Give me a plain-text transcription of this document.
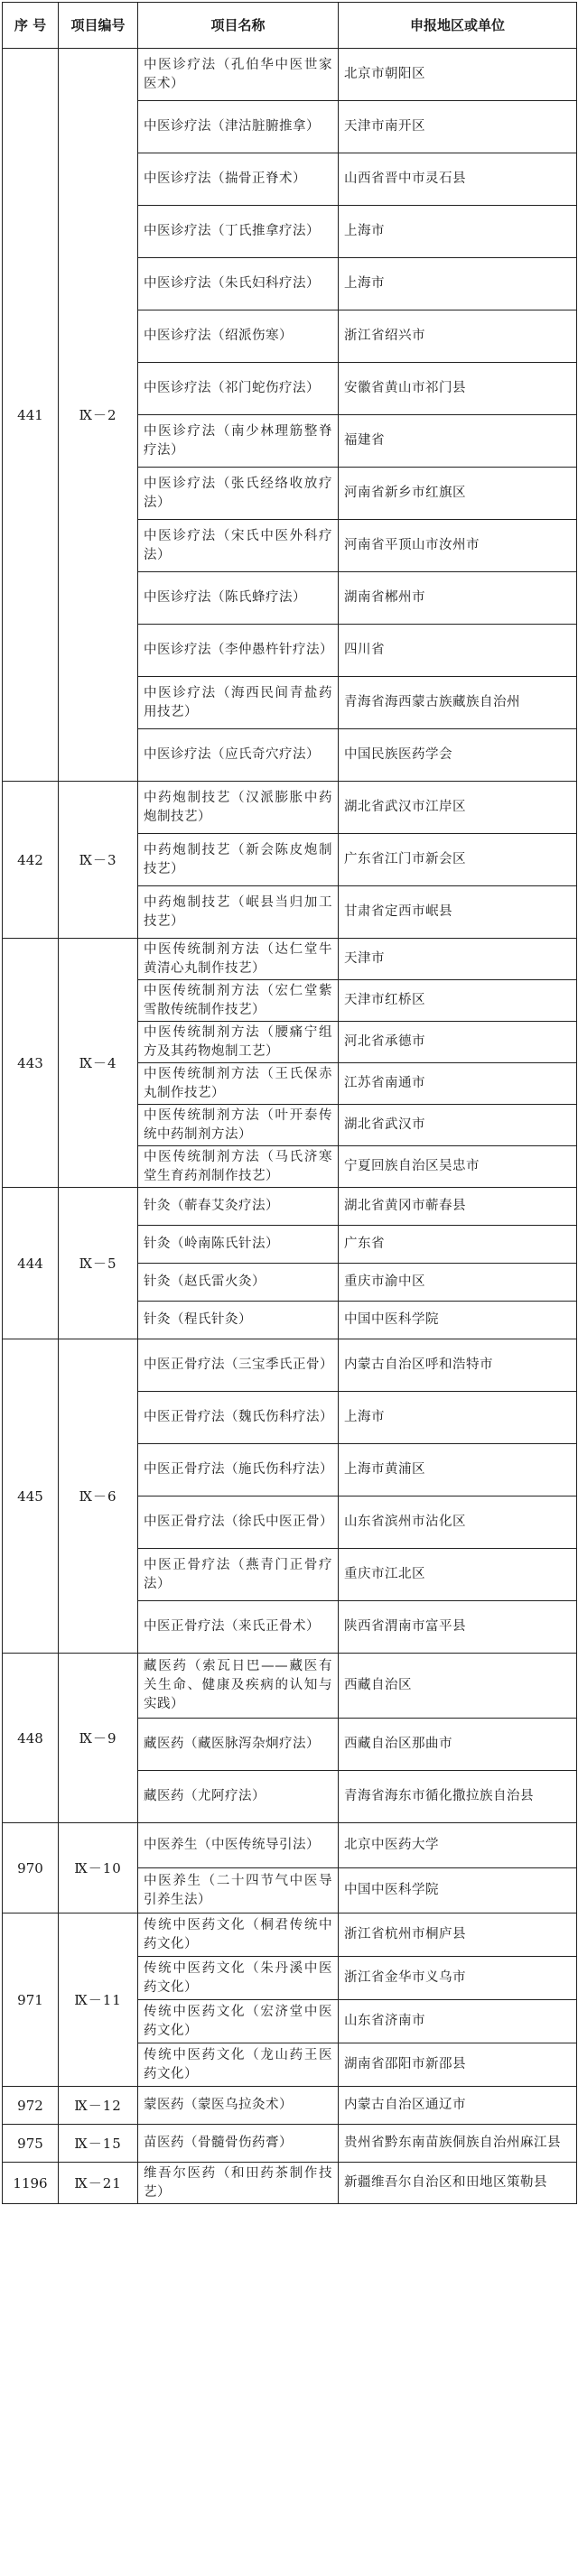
序 号	项目编号	项目名称	申报地区或单位
441	Ⅸ－2	中医诊疗法（孔伯华中医世家医术）	北京市朝阳区
		中医诊疗法（津沽脏腑推拿）	天津市南开区
		中医诊疗法（揣骨正脊术）	山西省晋中市灵石县
		中医诊疗法（丁氏推拿疗法）	上海市
		中医诊疗法（朱氏妇科疗法）	上海市
		中医诊疗法（绍派伤寒）	浙江省绍兴市
		中医诊疗法（祁门蛇伤疗法）	安徽省黄山市祁门县
		中医诊疗法（南少林理筋整脊疗法）	福建省
		中医诊疗法（张氏经络收放疗法）	河南省新乡市红旗区
		中医诊疗法（宋氏中医外科疗法）	河南省平顶山市汝州市
		中医诊疗法（陈氏蜂疗法）	湖南省郴州市
		中医诊疗法（李仲愚杵针疗法）	四川省
		中医诊疗法（海西民间青盐药用技艺）	青海省海西蒙古族藏族自治州
		中医诊疗法（应氏奇穴疗法）	中国民族医药学会
442	Ⅸ－3	中药炮制技艺（汉派膨胀中药炮制技艺）	湖北省武汉市江岸区
		中药炮制技艺（新会陈皮炮制技艺）	广东省江门市新会区
		中药炮制技艺（岷县当归加工技艺）	甘肃省定西市岷县
443	Ⅸ－4	中医传统制剂方法（达仁堂牛黄清心丸制作技艺）	天津市
		中医传统制剂方法（宏仁堂紫雪散传统制作技艺）	天津市红桥区
		中医传统制剂方法（腰痛宁组方及其药物炮制工艺）	河北省承德市
		中医传统制剂方法（王氏保赤丸制作技艺）	江苏省南通市
		中医传统制剂方法（叶开泰传统中药制剂方法）	湖北省武汉市
		中医传统制剂方法（马氏济寒堂生育药剂制作技艺）	宁夏回族自治区吴忠市
444	Ⅸ－5	针灸（蕲春艾灸疗法）	湖北省黄冈市蕲春县
		针灸（岭南陈氏针法）	广东省
		针灸（赵氏雷火灸）	重庆市渝中区
		针灸（程氏针灸）	中国中医科学院
445	Ⅸ－6	中医正骨疗法（三宝季氏正骨）	内蒙古自治区呼和浩特市
		中医正骨疗法（魏氏伤科疗法）	上海市
		中医正骨疗法（施氏伤科疗法）	上海市黄浦区
		中医正骨疗法（徐氏中医正骨）	山东省滨州市沾化区
		中医正骨疗法（燕青门正骨疗法）	重庆市江北区
		中医正骨疗法（来氏正骨术）	陕西省渭南市富平县
448	Ⅸ－9	藏医药（索瓦日巴——藏医有关生命、健康及疾病的认知与实践）	西藏自治区
		藏医药（藏医脉泻杂炯疗法）	西藏自治区那曲市
		藏医药（尤阿疗法）	青海省海东市循化撒拉族自治县
970	Ⅸ－10	中医养生（中医传统导引法）	北京中医药大学
		中医养生（二十四节气中医导引养生法）	中国中医科学院
971	Ⅸ－11	传统中医药文化（桐君传统中药文化）	浙江省杭州市桐庐县
		传统中医药文化（朱丹溪中医药文化）	浙江省金华市义乌市
		传统中医药文化（宏济堂中医药文化）	山东省济南市
		传统中医药文化（龙山药王医药文化）	湖南省邵阳市新邵县
972	Ⅸ－12	蒙医药（蒙医乌拉灸术）	内蒙古自治区通辽市
975	Ⅸ－15	苗医药（骨髓骨伤药膏）	贵州省黔东南苗族侗族自治州麻江县
1196	Ⅸ－21	维吾尔医药（和田药茶制作技艺）	新疆维吾尔自治区和田地区策勒县
